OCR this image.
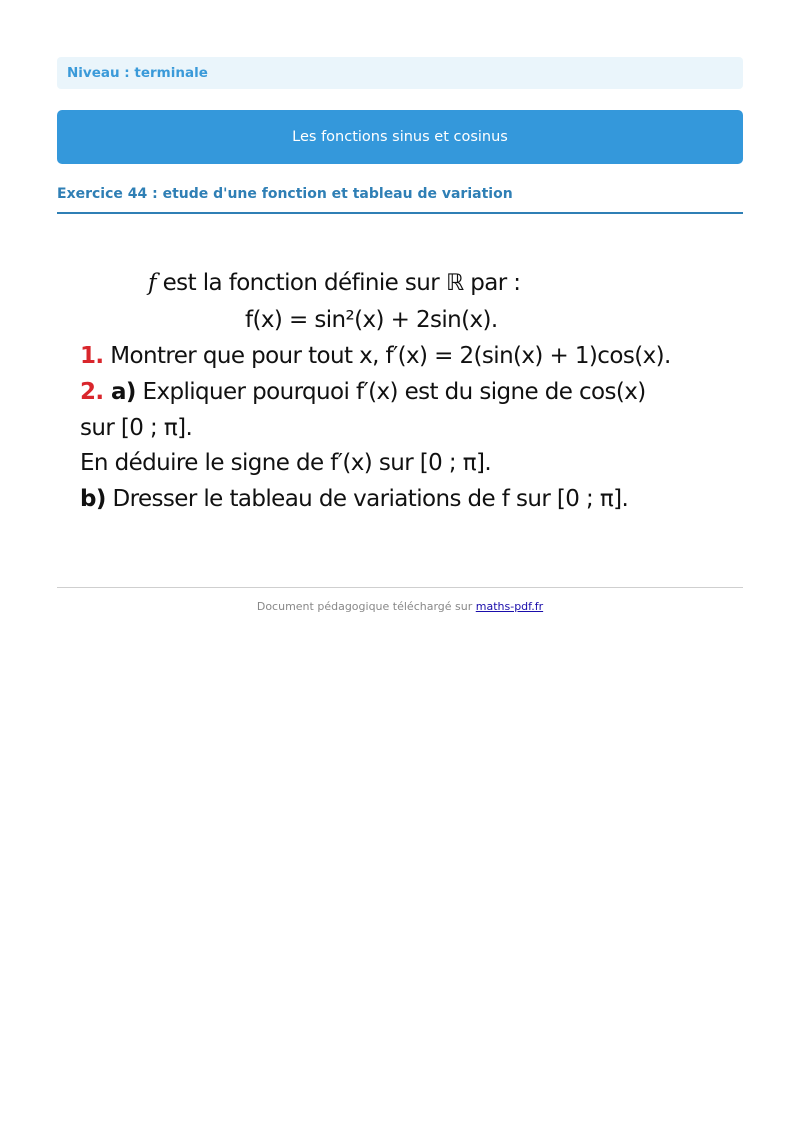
Niveau : terminale
Les fonctions sinus et cosinus
Exercice 44 : etude d'une fonction et tableau de variation
f est la fonction définie sur ℝ par :
f(x) = sin²(x) + 2sin(x).
1. Montrer que pour tout x, f′(x) = 2(sin(x) + 1)cos(x).
2. a) Expliquer pourquoi f′(x) est du signe de cos(x)
sur [0 ; π].
En déduire le signe de f′(x) sur [0 ; π].
b) Dresser le tableau de variations de f sur [0 ; π].
Document pédagogique téléchargé sur maths-pdf.fr
